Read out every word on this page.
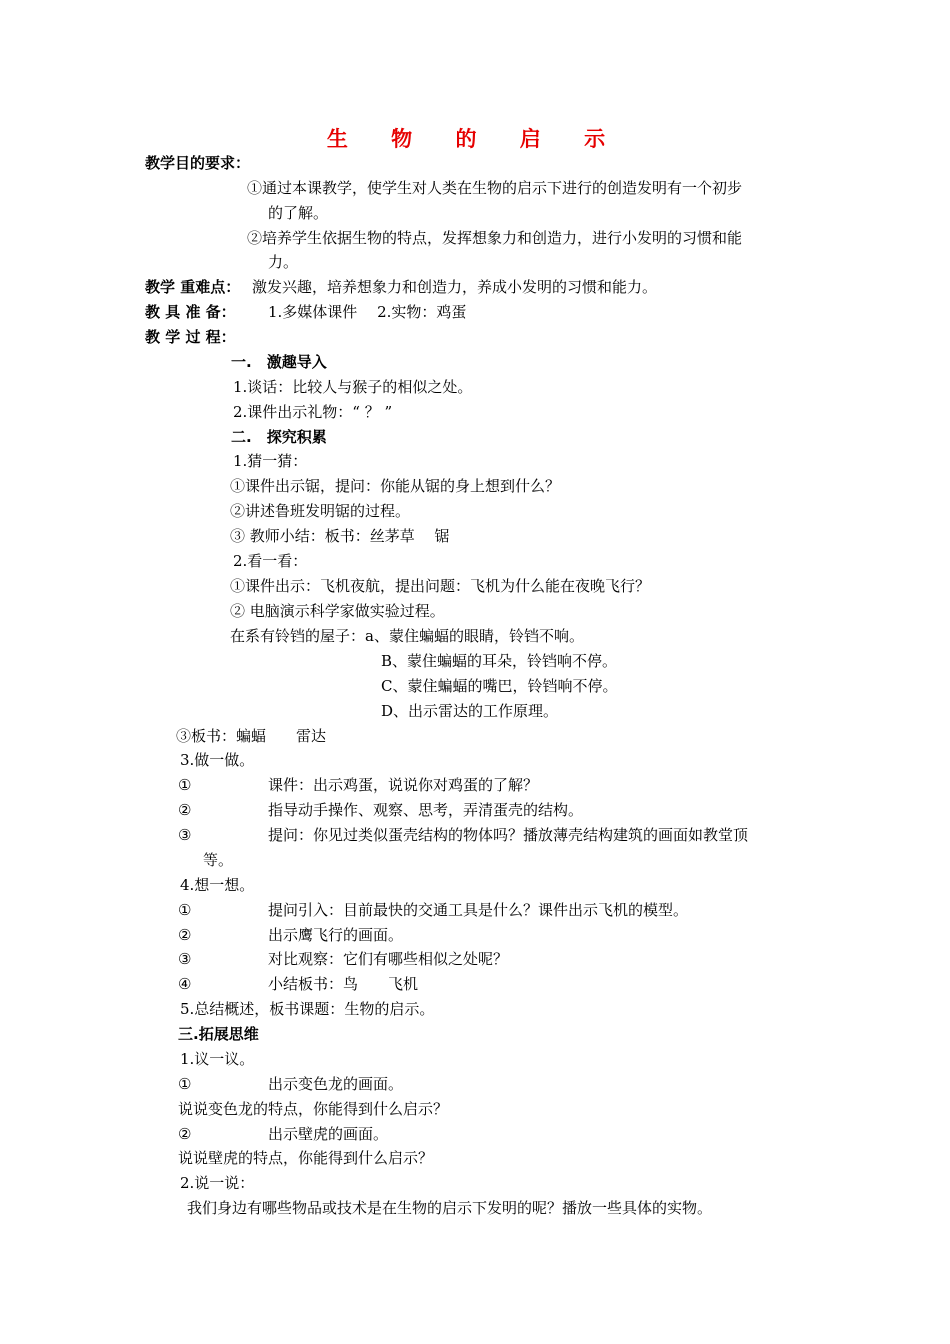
生 物 的 启 示
教学目的要求：
①通过本课教学，使学生对人类在生物的启示下进行的创造发明有一个初步
的了解。
②培养学生依据生物的特点，发挥想象力和创造力，进行小发明的习惯和能
力。
教学 重难点： 激发兴趣，培养想象力和创造力，养成小发明的习惯和能力。
教 具 准 备： 1.多媒体课件　 2.实物：鸡蛋
教 学 过 程：
一.　激趣导入
1.谈话：比较人与猴子的相似之处。
2.课件出示礼物：“ ？ ”
二.　探究积累
1.猜一猜：
①课件出示锯，提问：你能从锯的身上想到什么？
②讲述鲁班发明锯的过程。
③ 教师小结：板书：丝茅草　 锯
2.看一看：
①课件出示：飞机夜航，提出问题：飞机为什么能在夜晚飞行？
② 电脑演示科学家做实验过程。
在系有铃铛的屋子：a、蒙住蝙蝠的眼睛，铃铛不响。
B、蒙住蝙蝠的耳朵，铃铛响不停。
C、蒙住蝙蝠的嘴巴，铃铛响不停。
D、出示雷达的工作原理。
③板书：蝙蝠　　雷达
3.做一做。
①	课件：出示鸡蛋，说说你对鸡蛋的了解？
②	指导动手操作、观察、思考，弄清蛋壳的结构。
③	提问：你见过类似蛋壳结构的物体吗？播放薄壳结构建筑的画面如教堂顶
等。
4.想一想。
①	提问引入：目前最快的交通工具是什么？课件出示飞机的模型。
②	出示鹰飞行的画面。
③	对比观察：它们有哪些相似之处呢？
④	小结板书：鸟　　飞机
5.总结概述，板书课题：生物的启示。
三.拓展思维
1.议一议。
①	出示变色龙的画面。
说说变色龙的特点，你能得到什么启示？
②	出示壁虎的画面。
说说壁虎的特点，你能得到什么启示？
2.说一说：
我们身边有哪些物品或技术是在生物的启示下发明的呢？播放一些具体的实物。
